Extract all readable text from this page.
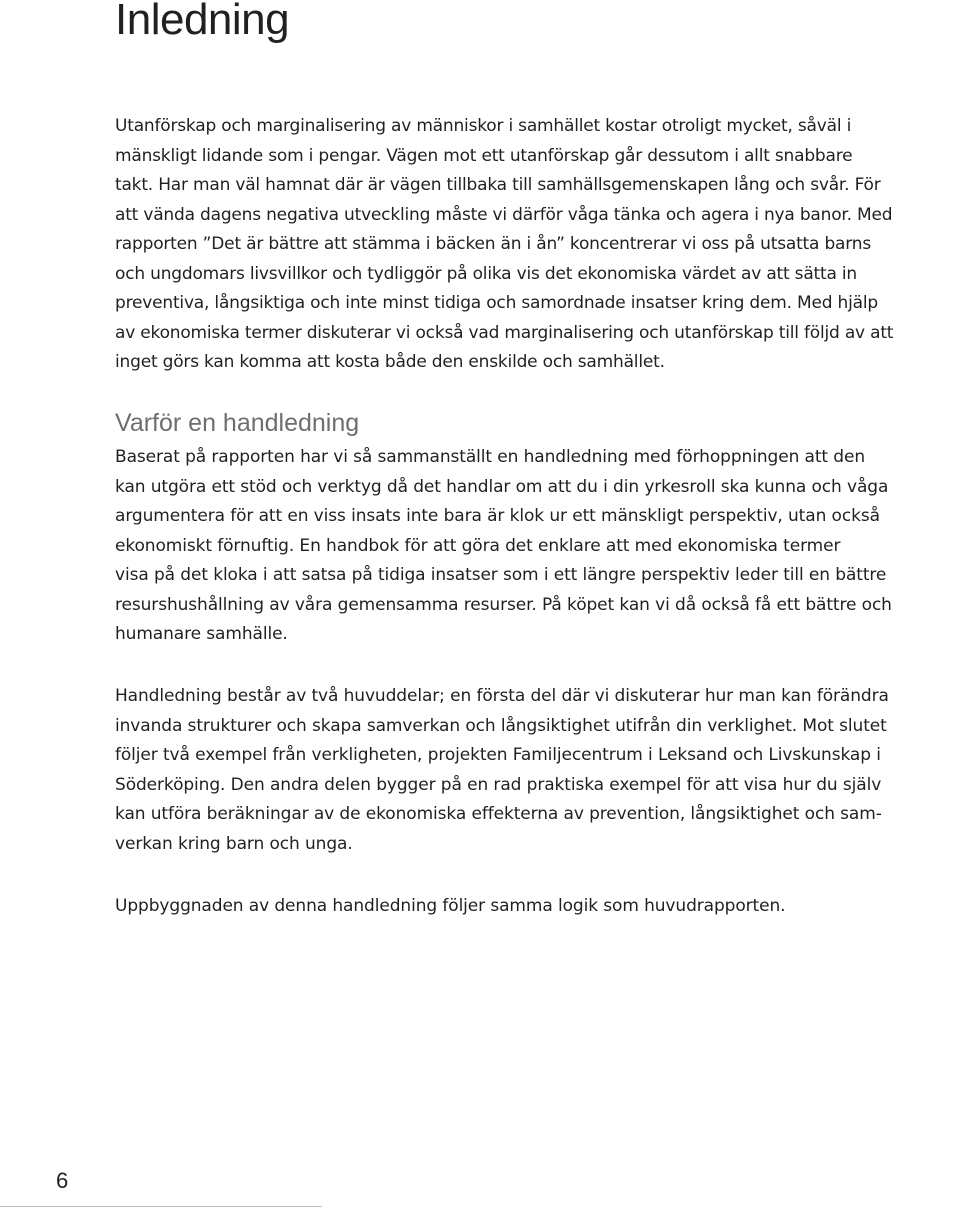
Inledning

Utanförskap och marginalisering av människor i samhället kostar otroligt mycket, såväl i
mänskligt lidande som i pengar. Vägen mot ett utanförskap går dessutom i allt snabbare
takt. Har man väl hamnat där är vägen tillbaka till samhällsgemenskapen lång och svår. För
att vända dagens negativa utveckling måste vi därför våga tänka och agera i nya banor. Med
rapporten ”Det är bättre att stämma i bäcken än i ån” koncentrerar vi oss på utsatta barns
och ungdomars livsvillkor och tydliggör på olika vis det ekonomiska värdet av att sätta in
preventiva, långsiktiga och inte minst tidiga och samordnade insatser kring dem. Med hjälp
av ekonomiska termer diskuterar vi också vad marginalisering och utanförskap till följd av att
inget görs kan komma att kosta både den enskilde och samhället.

Varför en handledning

Baserat på rapporten har vi så sammanställt en handledning med förhoppningen att den
kan utgöra ett stöd och verktyg då det handlar om att du i din yrkesroll ska kunna och våga
argumentera för att en viss insats inte bara är klok ur ett mänskligt perspektiv, utan också
ekonomiskt förnuftig. En handbok för att göra det enklare att med ekonomiska termer
visa på det kloka i att satsa på tidiga insatser som i ett längre perspektiv leder till en bättre
resurshushållning av våra gemensamma resurser. På köpet kan vi då också få ett bättre och
humanare samhälle.

Handledning består av två huvuddelar; en första del där vi diskuterar hur man kan förändra
invanda strukturer och skapa samverkan och långsiktighet utifrån din verklighet. Mot slutet
följer två exempel från verkligheten, projekten Familjecentrum i Leksand och Livskunskap i
Söderköping. Den andra delen bygger på en rad praktiska exempel för att visa hur du själv
kan utföra beräkningar av de ekonomiska effekterna av prevention, långsiktighet och sam-
verkan kring barn och unga.

Uppbyggnaden av denna handledning följer samma logik som huvudrapporten.

6
